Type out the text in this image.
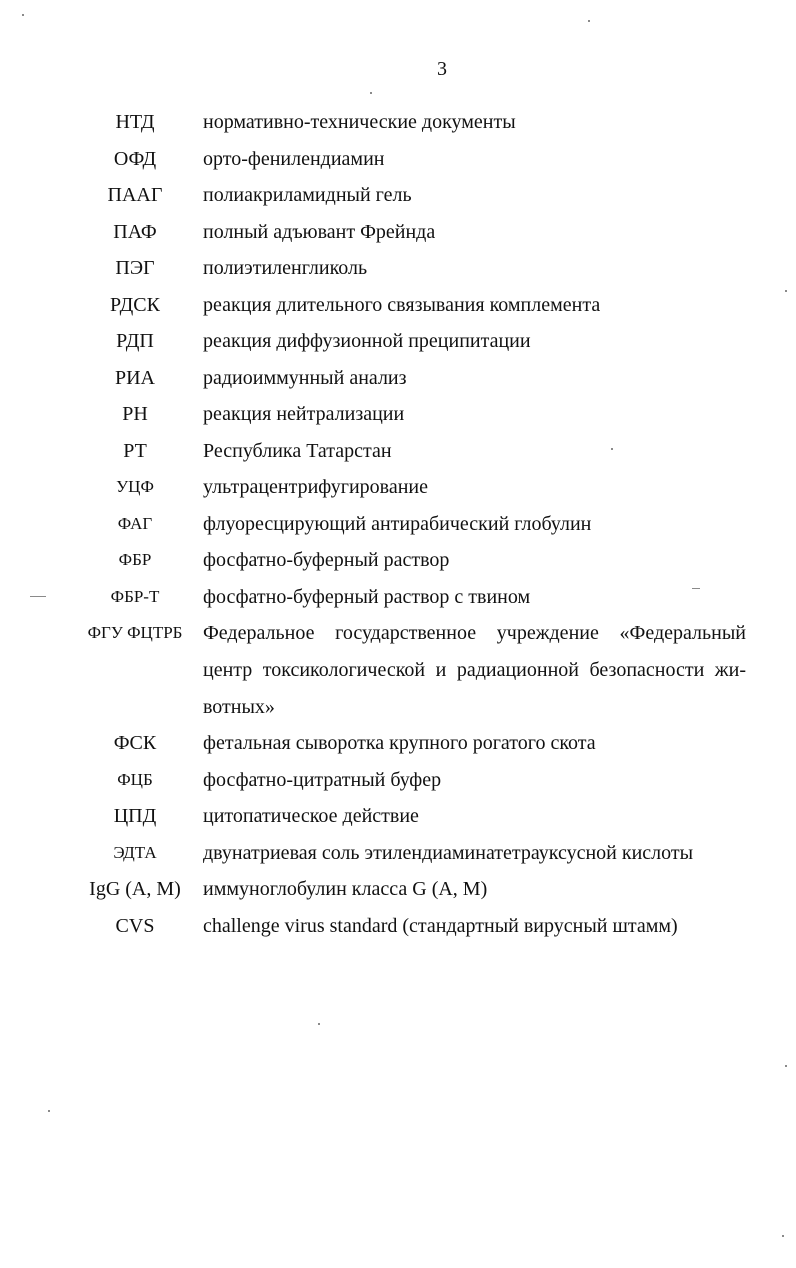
3
НТД	нормативно-технические документы
ОФД	орто-фенилендиамин
ПААГ	полиакриламидный гель
ПАФ	полный адъювант Фрейнда
ПЭГ	полиэтиленгликоль
РДСК	реакция длительного связывания комплемента
РДП	реакция диффузионной преципитации
РИА	радиоиммунный анализ
РН	реакция нейтрализации
РТ	Республика Татарстан
УЦФ	ультрацентрифугирование
ФАГ	флуоресцирующий антирабический глобулин
ФБР	фосфатно-буферный раствор
ФБР-Т	фосфатно-буферный раствор с твином
ФГУ ФЦТРБ	Федеральное государственное учреждение «Федеральный центр токсикологической и радиационной безопасности жи-вотных»
ФСК	фетальная сыворотка крупного рогатого скота
ФЦБ	фосфатно-цитратный буфер
ЦПД	цитопатическое действие
ЭДТА	двунатриевая соль этилендиаминатетрауксусной кислоты
IgG (А, М)	иммуноглобулин класса G (А, М)
CVS	challenge virus standard (стандартный вирусный штамм)
